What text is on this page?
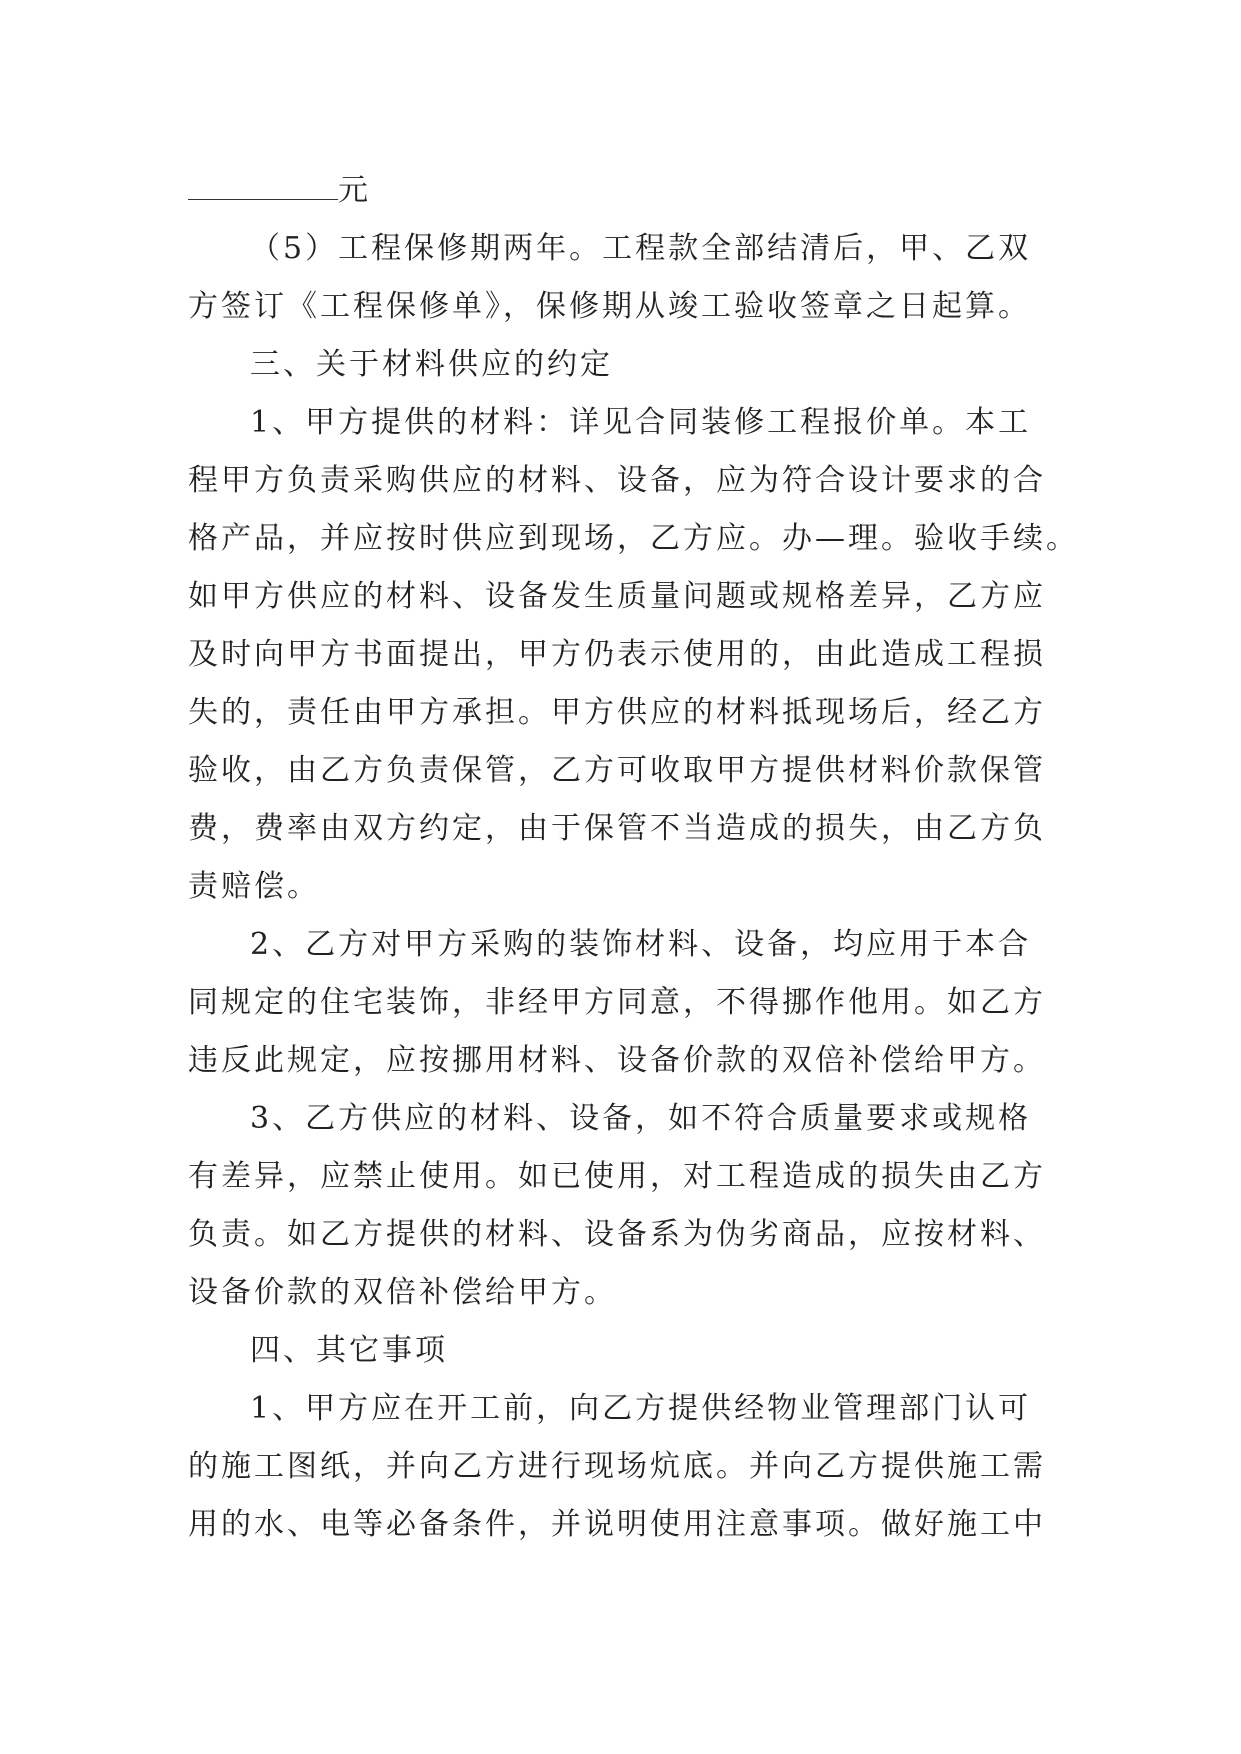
元
（5）工程保修期两年。工程款全部结清后，甲、乙双
方签订《工程保修单》，保修期从竣工验收签章之日起算。
三、关于材料供应的约定
1、甲方提供的材料：详见合同装修工程报价单。本工
程甲方负责采购供应的材料、设备，应为符合设计要求的合
格产品，并应按时供应到现场，乙方应。办—理。验收手续。
如甲方供应的材料、设备发生质量问题或规格差异，乙方应
及时向甲方书面提出，甲方仍表示使用的，由此造成工程损
失的，责任由甲方承担。甲方供应的材料抵现场后，经乙方
验收，由乙方负责保管，乙方可收取甲方提供材料价款保管
费，费率由双方约定，由于保管不当造成的损失，由乙方负
责赔偿。
2、乙方对甲方采购的装饰材料、设备，均应用于本合
同规定的住宅装饰，非经甲方同意，不得挪作他用。如乙方
违反此规定，应按挪用材料、设备价款的双倍补偿给甲方。
3、乙方供应的材料、设备，如不符合质量要求或规格
有差异，应禁止使用。如已使用，对工程造成的损失由乙方
负责。如乙方提供的材料、设备系为伪劣商品，应按材料、
设备价款的双倍补偿给甲方。
四、其它事项
1、甲方应在开工前，向乙方提供经物业管理部门认可
的施工图纸，并向乙方进行现场炕底。并向乙方提供施工需
用的水、电等必备条件，并说明使用注意事项。做好施工中
